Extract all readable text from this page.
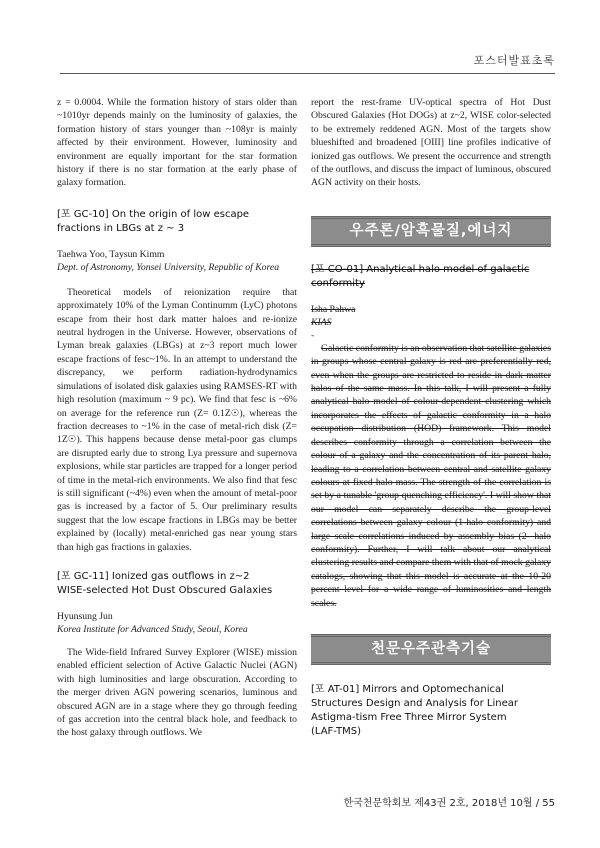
포스터발표초록

z = 0.0004. While the formation history of stars older than ~1010yr depends mainly on the luminosity of galaxies, the formation history of stars younger than ~108yr is mainly affected by their environment. However, luminosity and environment are equally important for the star formation history if there is no star formation at the early phase of galaxy formation.

[포 GC-10] On the origin of low escape

fractions in LBGs at z ~ 3

Taehwa Yoo, Taysun Kimm

Dept. of Astronomy, Yonsei University, Republic of Korea

Theoretical models of reionization require that approximately 10% of the Lyman Continumm (LyC) photons escape from their host dark matter haloes and re-ionize neutral hydrogen in the Universe. However, observations of Lyman break galaxies (LBGs) at z~3 report much lower escape fractions of fesc~1%. In an attempt to understand the discrepancy, we perform radiation-hydrodynamics simulations of isolated disk galaxies using RAMSES-RT with high resolution (maximum ~ 9 pc). We find that fesc is ~6% on average for the reference run (Z= 0.1Z☉), whereas the fraction decreases to ~1% in the case of metal-rich disk (Z= 1Z☉). This happens because dense metal-poor gas clumps are disrupted early due to strong Lya pressure and supernova explosions, while star particles are trapped for a longer period of time in the metal-rich environments. We also find that fesc is still significant (~4%) even when the amount of metal-poor gas is increased by a factor of 5. Our preliminary results suggest that the low escape fractions in LBGs may be better explained by (locally) metal-enriched gas near young stars than high gas fractions in galaxies.

[포 GC-11] Ionized gas outflows in z~2

WISE-selected Hot Dust Obscured Galaxies

Hyunsung Jun

Korea Institute for Advanced Study, Seoul, Korea

The Wide-field Infrared Survey Explorer (WISE) mission enabled efficient selection of Active Galactic Nuclei (AGN) with high luminosities and large obscuration. According to the merger driven AGN powering scenarios, luminous and obscured AGN are in a stage where they go through feeding of gas accretion into the central black hole, and feedback to the host galaxy through outflows. We

report the rest-frame UV-optical spectra of Hot Dust Obscured Galaxies (Hot DOGs) at z~2, WISE color-selected to be extremely reddened AGN. Most of the targets show blueshifted and broadened [OIII] line profiles indicative of ionized gas outflows. We present the occurrence and strength of the outflows, and discuss the impact of luminous, obscured AGN activity on their hosts.

우주론/암흑물질,에너지

[포 CO-01] Analytical halo model of galactic

conformity

Isha Pahwa

KIAS

-

Galactic conformity is an observation that satellite galaxies in groups whose central galaxy is red are preferentially red, even when the groups are restricted to reside in dark matter halos of the same mass. In this talk, I will present a fully analytical halo model of colour-dependent clustering which incorporates the effects of galactic conformity in a halo occupation distribution (HOD) framework. This model describes conformity through a correlation between the colour of a galaxy and the concentration of its parent halo, leading to a correlation between central and satellite galaxy colours at fixed halo mass. The strength of the correlation is set by a tunable 'group quenching efficiency'. I will show that our model can separately describe the group-level correlations between galaxy colour (1-halo conformity) and large scale correlations induced by assembly bias (2- halo conformity). Further, I will talk about our analytical clustering results and compare them with that of mock galaxy catalogs, showing that this model is accurate at the 10-20 percent level for a wide range of luminosities and length scales.

천문우주관측기술

[포 AT-01] Mirrors and Optomechanical

Structures Design and Analysis for Linear

Astigma-tism Free Three Mirror System

(LAF-TMS)

한국천문학회보 제43권 2호, 2018년 10월 / 55
